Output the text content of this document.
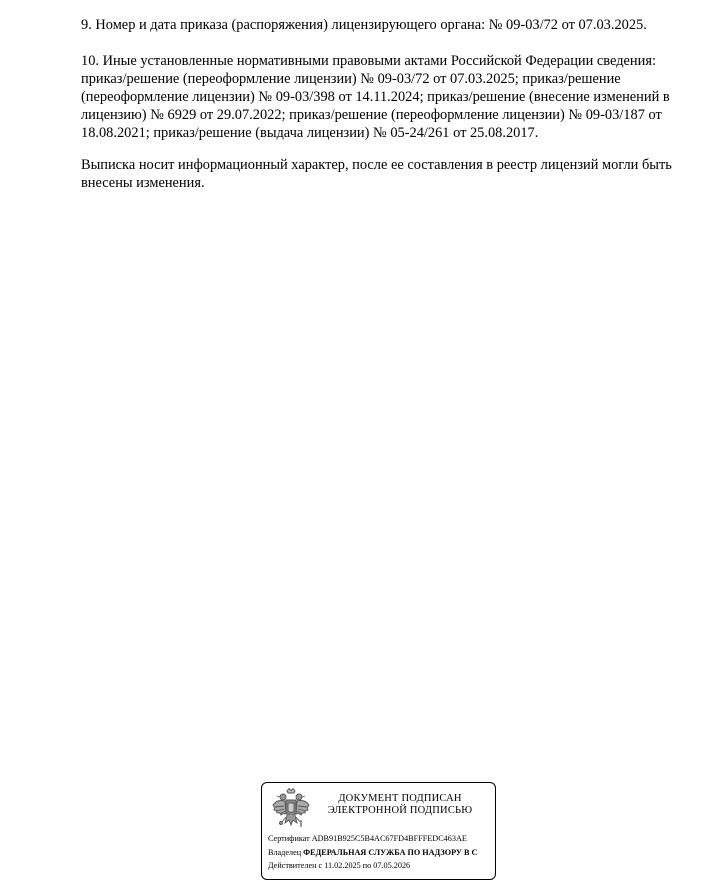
9. Номер и дата приказа (распоряжения) лицензирующего органа: № 09-03/72 от 07.03.2025.

10. Иные установленные нормативными правовыми актами Российской Федерации сведения:
приказ/решение (переоформление лицензии) № 09-03/72 от 07.03.2025; приказ/решение
(переоформление лицензии) № 09-03/398 от 14.11.2024; приказ/решение (внесение изменений в
лицензию) № 6929 от 29.07.2022; приказ/решение (переоформление лицензии) № 09-03/187 от
18.08.2021; приказ/решение (выдача лицензии) № 05-24/261 от 25.08.2017.

Выписка носит информационный характер, после ее составления в реестр лицензий могли быть
внесены изменения.

ДОКУМЕНТ ПОДПИСАН
ЭЛЕКТРОННОЙ ПОДПИСЬЮ
Сертификат ADB91B925C5B4AC67FD4BFFFEDC463AE
Владелец ФЕДЕРАЛЬНАЯ СЛУЖБА ПО НАДЗОРУ В С
Действителен с 11.02.2025 по 07.05.2026
